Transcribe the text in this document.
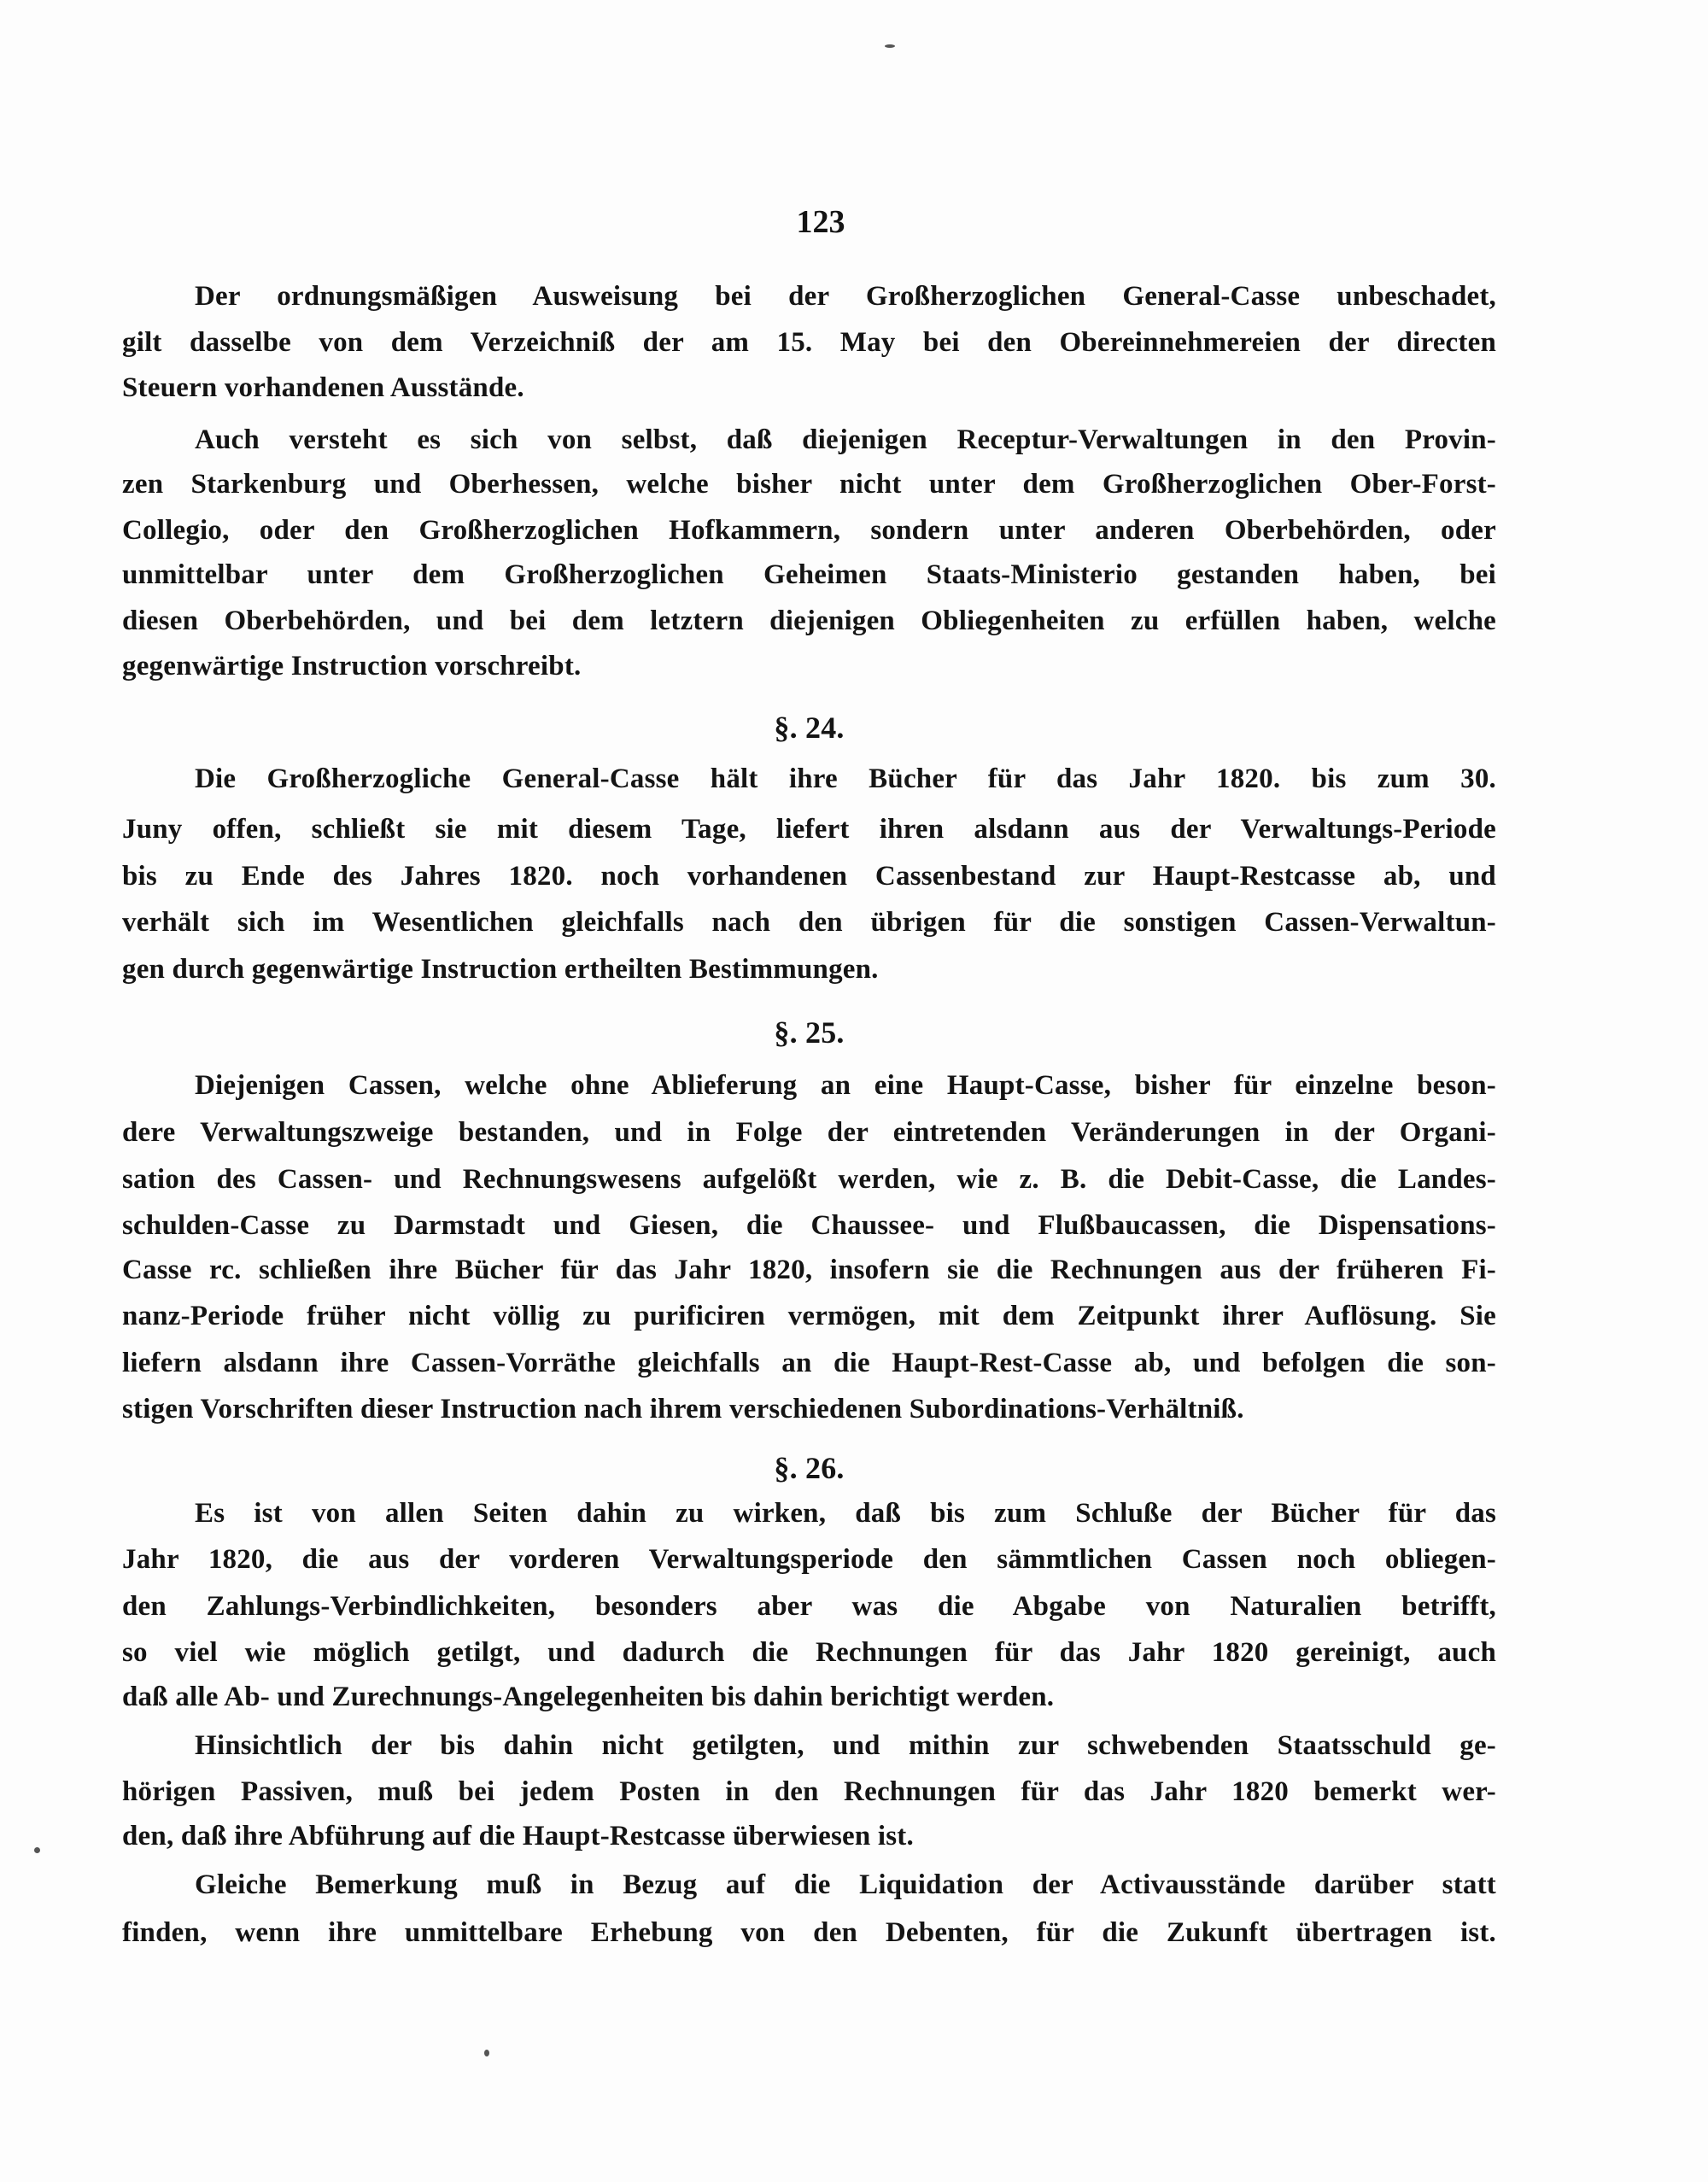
123
Der ordnungsmäßigen Ausweisung bei der Großherzoglichen General-Casse unbeschadet,
gilt dasselbe von dem Verzeichniß der am 15. May bei den Obereinnehmereien der directen
Steuern vorhandenen Ausstände.
Auch versteht es sich von selbst, daß diejenigen Receptur-Verwaltungen in den Provin-
zen Starkenburg und Oberhessen, welche bisher nicht unter dem Großherzoglichen Ober-Forst-
Collegio, oder den Großherzoglichen Hofkammern, sondern unter anderen Oberbehörden, oder
unmittelbar unter dem Großherzoglichen Geheimen Staats-Ministerio gestanden haben, bei
diesen Oberbehörden, und bei dem letztern diejenigen Obliegenheiten zu erfüllen haben, welche
gegenwärtige Instruction vorschreibt.
§. 24.
Die Großherzogliche General-Casse hält ihre Bücher für das Jahr 1820. bis zum 30.
Juny offen, schließt sie mit diesem Tage, liefert ihren alsdann aus der Verwaltungs-Periode
bis zu Ende des Jahres 1820. noch vorhandenen Cassenbestand zur Haupt-Restcasse ab, und
verhält sich im Wesentlichen gleichfalls nach den übrigen für die sonstigen Cassen-Verwaltun-
gen durch gegenwärtige Instruction ertheilten Bestimmungen.
§. 25.
Diejenigen Cassen, welche ohne Ablieferung an eine Haupt-Casse, bisher für einzelne beson-
dere Verwaltungszweige bestanden, und in Folge der eintretenden Veränderungen in der Organi-
sation des Cassen- und Rechnungswesens aufgelößt werden, wie z. B. die Debit-Casse, die Landes-
schulden-Casse zu Darmstadt und Giesen, die Chaussee- und Flußbaucassen, die Dispensations-
Casse rc. schließen ihre Bücher für das Jahr 1820, insofern sie die Rechnungen aus der früheren Fi-
nanz-Periode früher nicht völlig zu purificiren vermögen, mit dem Zeitpunkt ihrer Auflösung. Sie
liefern alsdann ihre Cassen-Vorräthe gleichfalls an die Haupt-Rest-Casse ab, und befolgen die son-
stigen Vorschriften dieser Instruction nach ihrem verschiedenen Subordinations-Verhältniß.
§. 26.
Es ist von allen Seiten dahin zu wirken, daß bis zum Schluße der Bücher für das
Jahr 1820, die aus der vorderen Verwaltungsperiode den sämmtlichen Cassen noch obliegen-
den Zahlungs-Verbindlichkeiten, besonders aber was die Abgabe von Naturalien betrifft,
so viel wie möglich getilgt, und dadurch die Rechnungen für das Jahr 1820 gereinigt, auch
daß alle Ab- und Zurechnungs-Angelegenheiten bis dahin berichtigt werden.
Hinsichtlich der bis dahin nicht getilgten, und mithin zur schwebenden Staatsschuld ge-
hörigen Passiven, muß bei jedem Posten in den Rechnungen für das Jahr 1820 bemerkt wer-
den, daß ihre Abführung auf die Haupt-Restcasse überwiesen ist.
Gleiche Bemerkung muß in Bezug auf die Liquidation der Activausstände darüber statt
finden, wenn ihre unmittelbare Erhebung von den Debenten, für die Zukunft übertragen ist.
